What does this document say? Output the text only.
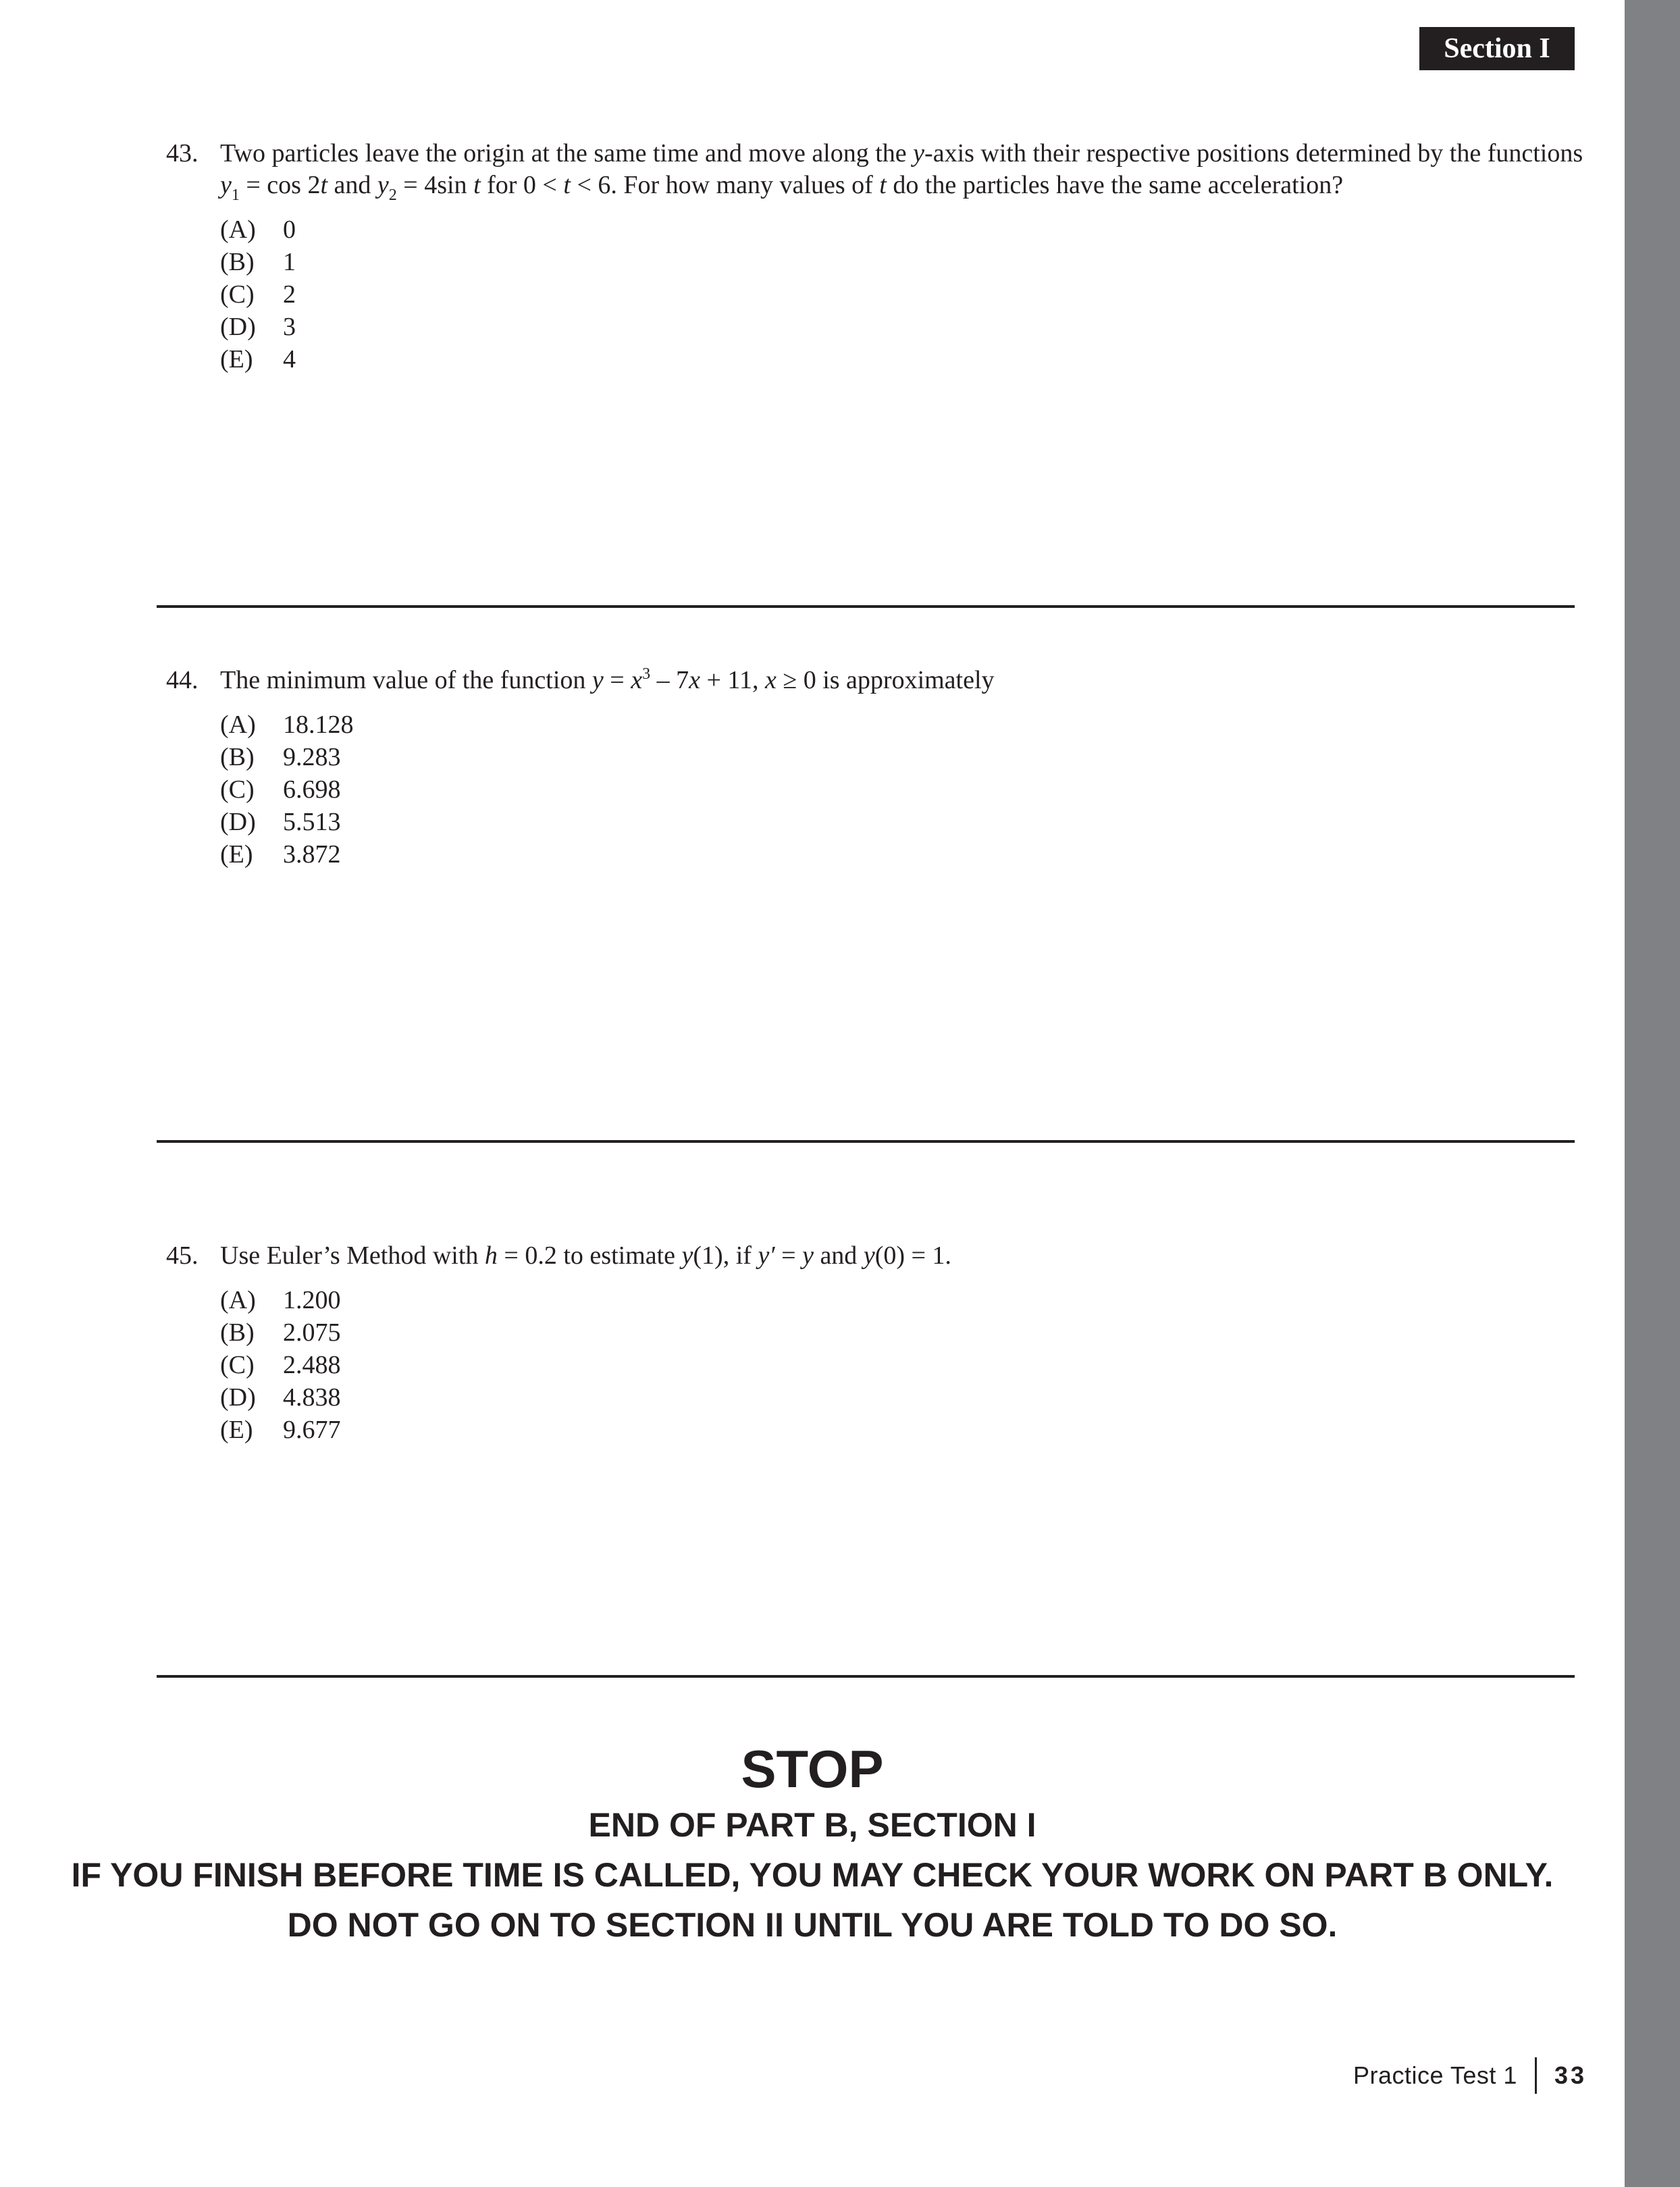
Section I
43. Two particles leave the origin at the same time and move along the y-axis with their respective positions determined by the functions $y_1 = \cos 2t$ and $y_2 = 4\sin$ t for 0 < t < 6. For how many values of t do the particles have the same acceleration?
(A)	0
(B)	1
(C)	2
(D)	3
(E)	4
44. The minimum value of the function $y = x^3 - 7x + 11$, x ≥ 0 is approximately
(A)	18.128
(B)	9.283
(C)	6.698
(D)	5.513
(E)	3.872
45. Use Euler’s Method with h = 0.2 to estimate y(1), if y′ = y and y(0) = 1.
(A)	1.200
(B)	2.075
(C)	2.488
(D)	4.838
(E)	9.677
STOP
END OF PART B, SECTION I
IF YOU FINISH BEFORE TIME IS CALLED, YOU MAY CHECK YOUR WORK ON PART B ONLY.
DO NOT GO ON TO SECTION II UNTIL YOU ARE TOLD TO DO SO.
Practice Test 1 33
